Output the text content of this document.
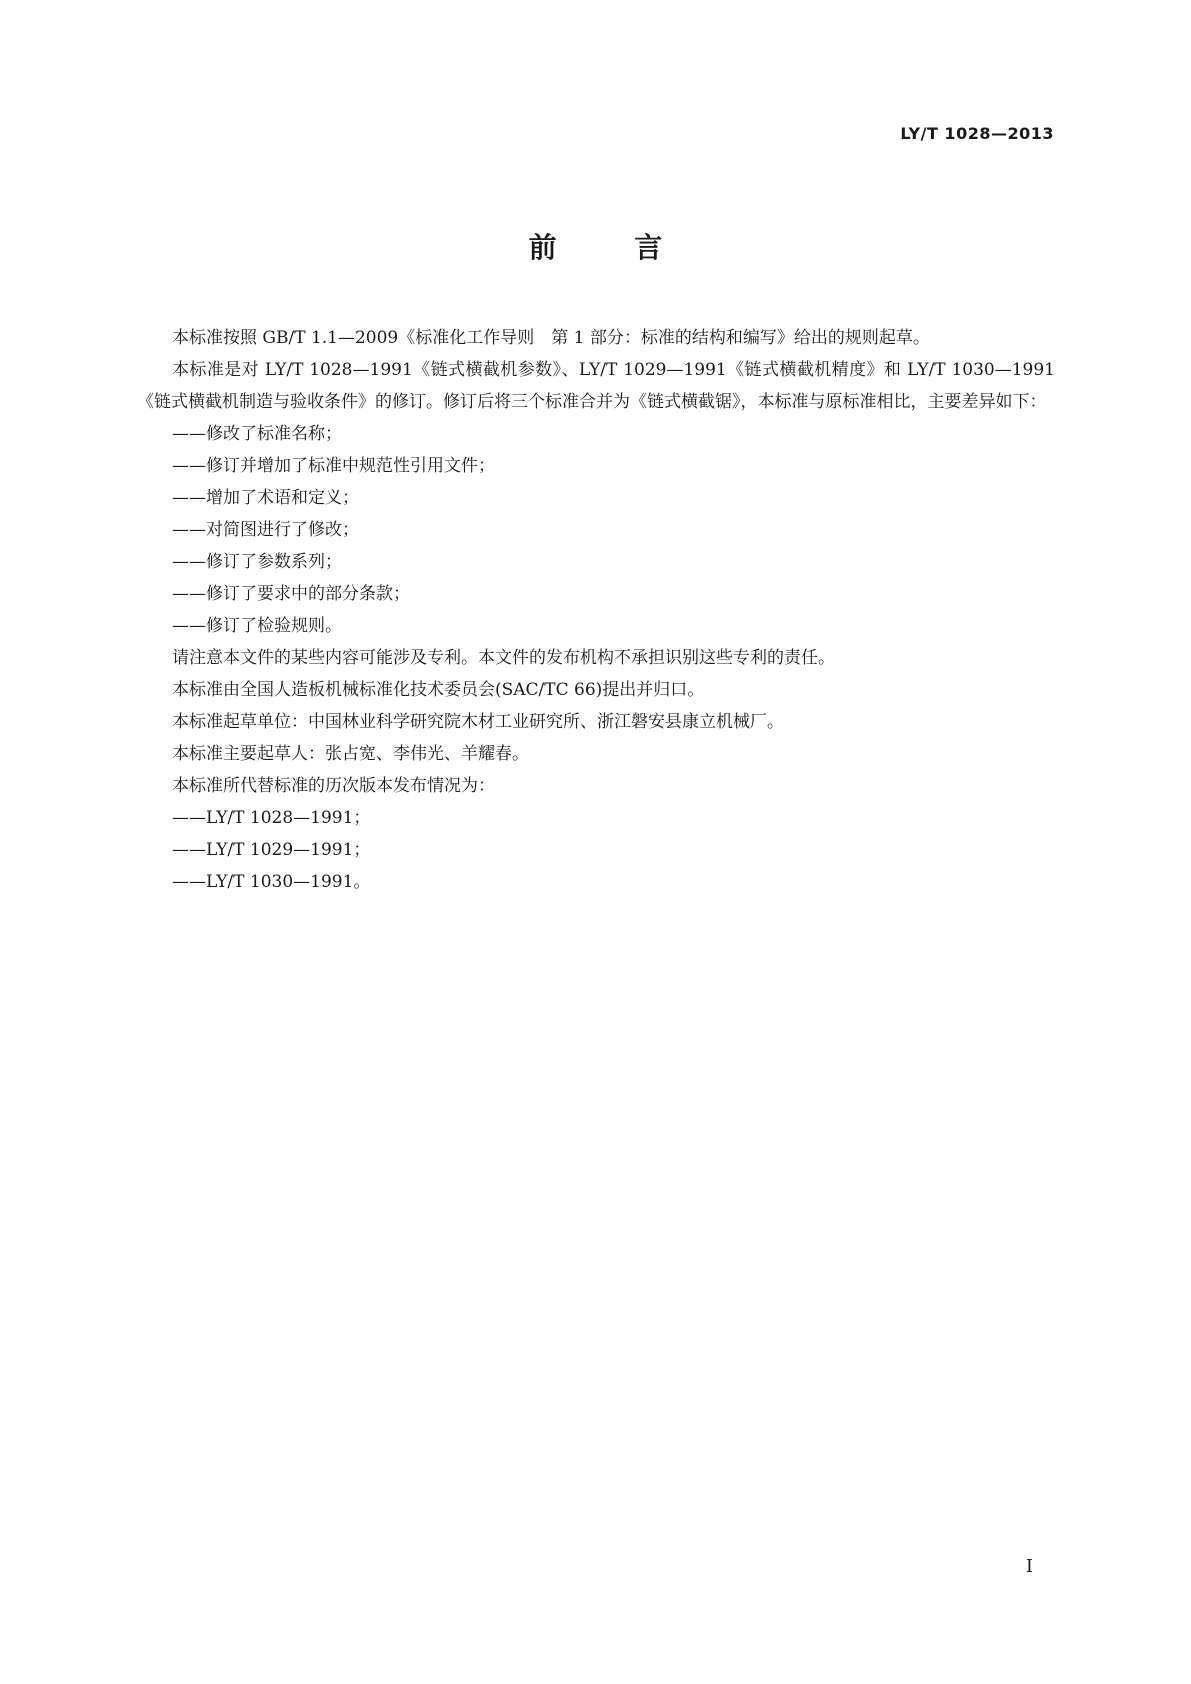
LY/T 1028—2013
前 言

本标准按照 GB/T 1.1—2009《标准化工作导则　第 1 部分：标准的结构和编写》给出的规则起草。

本标准是对 LY/T 1028—1991《链式横截机参数》、LY/T 1029—1991《链式横截机精度》和 LY/T 1030—1991《链式横截机制造与验收条件》的修订。修订后将三个标准合并为《链式横截锯》，本标准与原标准相比，主要差异如下：

——修改了标准名称；

——修订并增加了标准中规范性引用文件；

——增加了术语和定义；

——对简图进行了修改；

——修订了参数系列；

——修订了要求中的部分条款；

——修订了检验规则。

请注意本文件的某些内容可能涉及专利。本文件的发布机构不承担识别这些专利的责任。

本标准由全国人造板机械标准化技术委员会(SAC/TC 66)提出并归口。

本标准起草单位：中国林业科学研究院木材工业研究所、浙江磐安县康立机械厂。

本标准主要起草人：张占宽、李伟光、羊耀春。

本标准所代替标准的历次版本发布情况为：

——LY/T 1028—1991；

——LY/T 1029—1991；

——LY/T 1030—1991。

I
